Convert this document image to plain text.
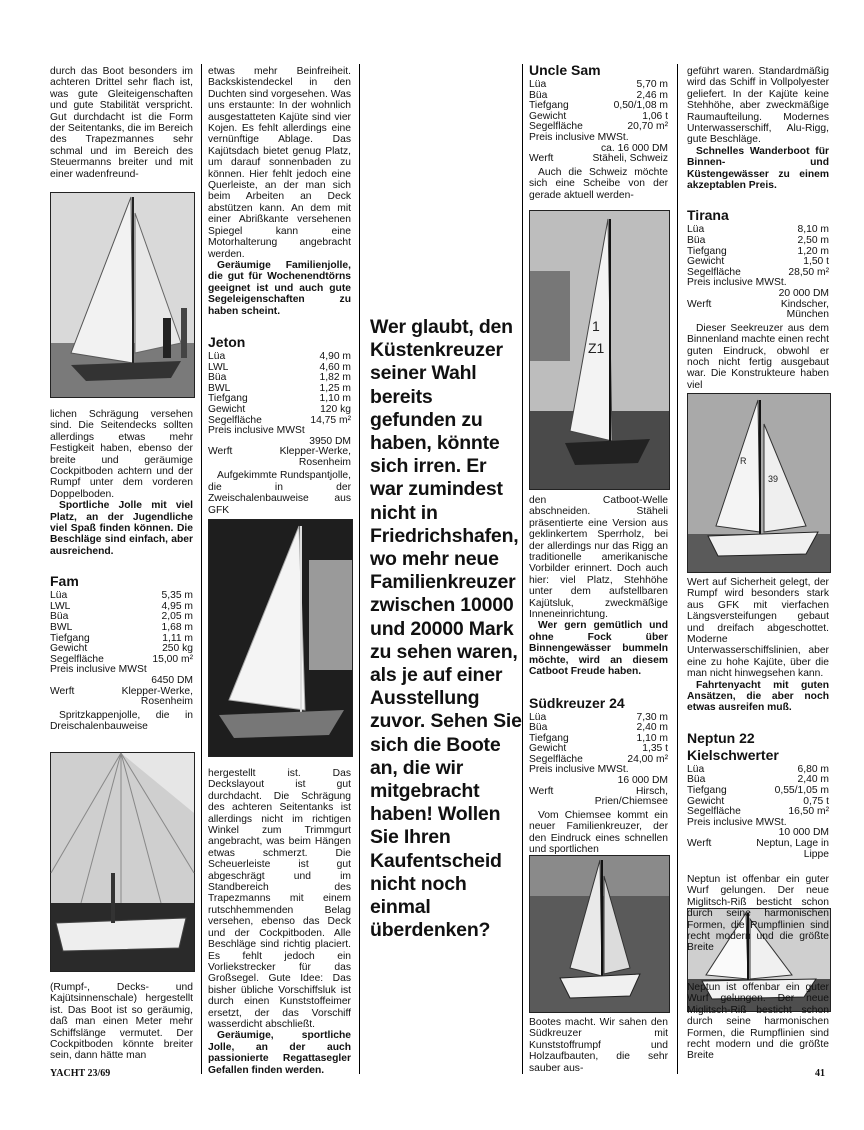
durch das Boot besonders im achteren Drittel sehr flach ist, was gute Gleiteigenschaften und gute Stabilität verspricht. Gut durchdacht ist die Form der Seitentanks, die im Bereich des Trapezmannes sehr schmal und im Bereich des Steuermanns breiter und mit einer wadenfreund-

lichen Schrägung versehen sind. Die Seitendecks sollten allerdings etwas mehr Festigkeit haben, ebenso der breite und geräumige Cockpitboden achtern und der Rumpf unter dem vorderen Doppelboden.

Sportliche Jolle mit viel Platz, an der Jugendliche viel Spaß finden können. Die Beschläge sind einfach, aber ausreichend.

Fam
Lüa	5,35 m
LWL	4,95 m
Büa	2,05 m
BWL	1,68 m
Tiefgang	1,11 m
Gewicht	250 kg
Segelfläche	15,00 m²
Preis inclusive MWSt	
6450 DM	
Werft	Klepper-Werke, Rosenheim

Spritzkappenjolle, die in Dreischalenbauweise

(Rumpf-, Decks- und Kajütsinnenschale) hergestellt ist. Das Boot ist so geräumig, daß man einen Meter mehr Schiffslänge vermutet. Der Cockpitboden könnte breiter sein, dann hätte man

etwas mehr Beinfreiheit. Backskistendeckel in den Duchten sind vorgesehen. Was uns erstaunte: In der wohnlich ausgestatteten Kajüte sind vier Kojen. Es fehlt allerdings eine vernünftige Ablage. Das Kajütsdach bietet genug Platz, um darauf sonnenbaden zu können. Hier fehlt jedoch eine Querleiste, an der man sich beim Arbeiten an Deck abstützen kann. An dem mit einer Abrißkante versehenen Spiegel kann eine Motorhalterung angebracht werden.

Geräumige Familienjolle, die gut für Wochenendtörns geeignet ist und auch gute Segeleigenschaften zu haben scheint.

Jeton
Lüa	4,90 m
LWL	4,60 m
Büa	1,82 m
BWL	1,25 m
Tiefgang	1,10 m
Gewicht	120 kg
Segelfläche	14,75 m²
Preis inclusive MWSt	
3950 DM	
Werft	Klepper-Werke, Rosenheim

Aufgekimmte Rundspantjolle, die in der Zweischalenbauweise aus GFK

hergestellt ist. Das Deckslayout ist gut durchdacht. Die Schrägung des achteren Seitentanks ist allerdings nicht im richtigen Winkel zum Trimmgurt angebracht, was beim Hängen etwas schmerzt. Die Scheuerleiste ist gut abgeschrägt und im Standbereich des Trapezmanns mit einem rutschhemmenden Belag versehen, ebenso das Deck und der Cockpitboden. Alle Beschläge sind richtig placiert. Es fehlt jedoch ein Vorliekstrecker für das Großsegel. Gute Idee: Das bisher übliche Vorschiffsluk ist durch einen Kunststoffeimer ersetzt, der das Vorschiff wasserdicht abschließt.

Geräumige, sportliche Jolle, an der auch passionierte Regattasegler Gefallen finden werden.

Wer glaubt, den Küstenkreuzer seiner Wahl bereits gefunden zu haben, könnte sich irren. Er war zumindest nicht in Friedrichshafen, wo mehr neue Familienkreuzer zwischen 10000 und 20000 Mark zu sehen waren, als je auf einer Ausstellung zuvor. Sehen Sie sich die Boote an, die wir mitgebracht haben! Wollen Sie Ihren Kaufentscheid nicht noch einmal überdenken?
Uncle Sam
Lüa	5,70 m
Büa	2,46 m
Tiefgang	0,50/1,08 m
Gewicht	1,06 t
Segelfläche	20,70 m²
Preis inclusive MWSt.	
ca. 16 000 DM	
Werft	Stäheli, Schweiz

Auch die Schweiz möchte sich eine Scheibe von der gerade aktuell werden-

1
Z1

den Catboot-Welle abschneiden. Stäheli präsentierte eine Version aus geklinkertem Sperrholz, bei der allerdings nur das Rigg an traditionelle amerikanische Vorbilder erinnert. Doch auch hier: viel Platz, Stehhöhe unter dem aufstellbaren Kajütsluk, zweckmäßige Inneneinrichtung.

Wer gern gemütlich und ohne Fock über Binnengewässer bummeln möchte, wird an diesem Catboot Freude haben.

Südkreuzer 24
Lüa	7,30 m
Büa	2,40 m
Tiefgang	1,10 m
Gewicht	1,35 t
Segelfläche	24,00 m²
Preis inclusive MWSt.	
16 000 DM	
Werft	Hirsch, Prien/Chiemsee

Vom Chiemsee kommt ein neuer Familienkreuzer, der den Eindruck eines schnellen und sportlichen

Bootes macht. Wir sahen den Südkreuzer mit Kunststoffrumpf und Holzaufbauten, die sehr sauber aus-

geführt waren. Standardmäßig wird das Schiff in Vollpolyester geliefert. In der Kajüte keine Stehhöhe, aber zweckmäßige Raumaufteilung. Modernes Unterwasserschiff, Alu-Rigg, gute Beschläge.

Schnelles Wanderboot für Binnen- und Küstengewässer zu einem akzeptablen Preis.

Tirana
Lüa	8,10 m
Büa	2,50 m
Tiefgang	1,20 m
Gewicht	1,50 t
Segelfläche	28,50 m²
Preis inclusive MWSt.	
20 000 DM	
Werft	Kindscher, München

Dieser Seekreuzer aus dem Binnenland machte einen recht guten Eindruck, obwohl er noch nicht fertig ausgebaut war. Die Konstrukteure haben viel

R
39

Wert auf Sicherheit gelegt, der Rumpf wird besonders stark aus GFK mit vierfachen Längsversteifungen gebaut und dreifach abgeschottet. Moderne Unterwasserschiffslinien, aber eine zu hohe Kajüte, über die man nicht hinwegsehen kann.

Fahrtenyacht mit guten Ansätzen, die aber noch etwas ausreifen muß.

Neptun 22 Kielschwerter
Lüa	6,80 m
Büa	2,40 m
Tiefgang	0,55/1,05 m
Gewicht	0,75 t
Segelfläche	16,50 m²
Preis inclusive MWSt.	
10 000 DM	
Werft	Neptun, Lage in Lippe

Neptun ist offenbar ein guter Wurf gelungen. Der neue Miglitsch-Riß besticht schon durch seine harmonischen Formen, die Rumpflinien sind recht modern und die größte Breite

Neptun ist offenbar ein guter Wurf gelungen. Der neue Miglitsch-Riß besticht schon durch seine harmonischen Formen, die Rumpflinien sind recht modern und die größte Breite

YACHT 23/69	41
